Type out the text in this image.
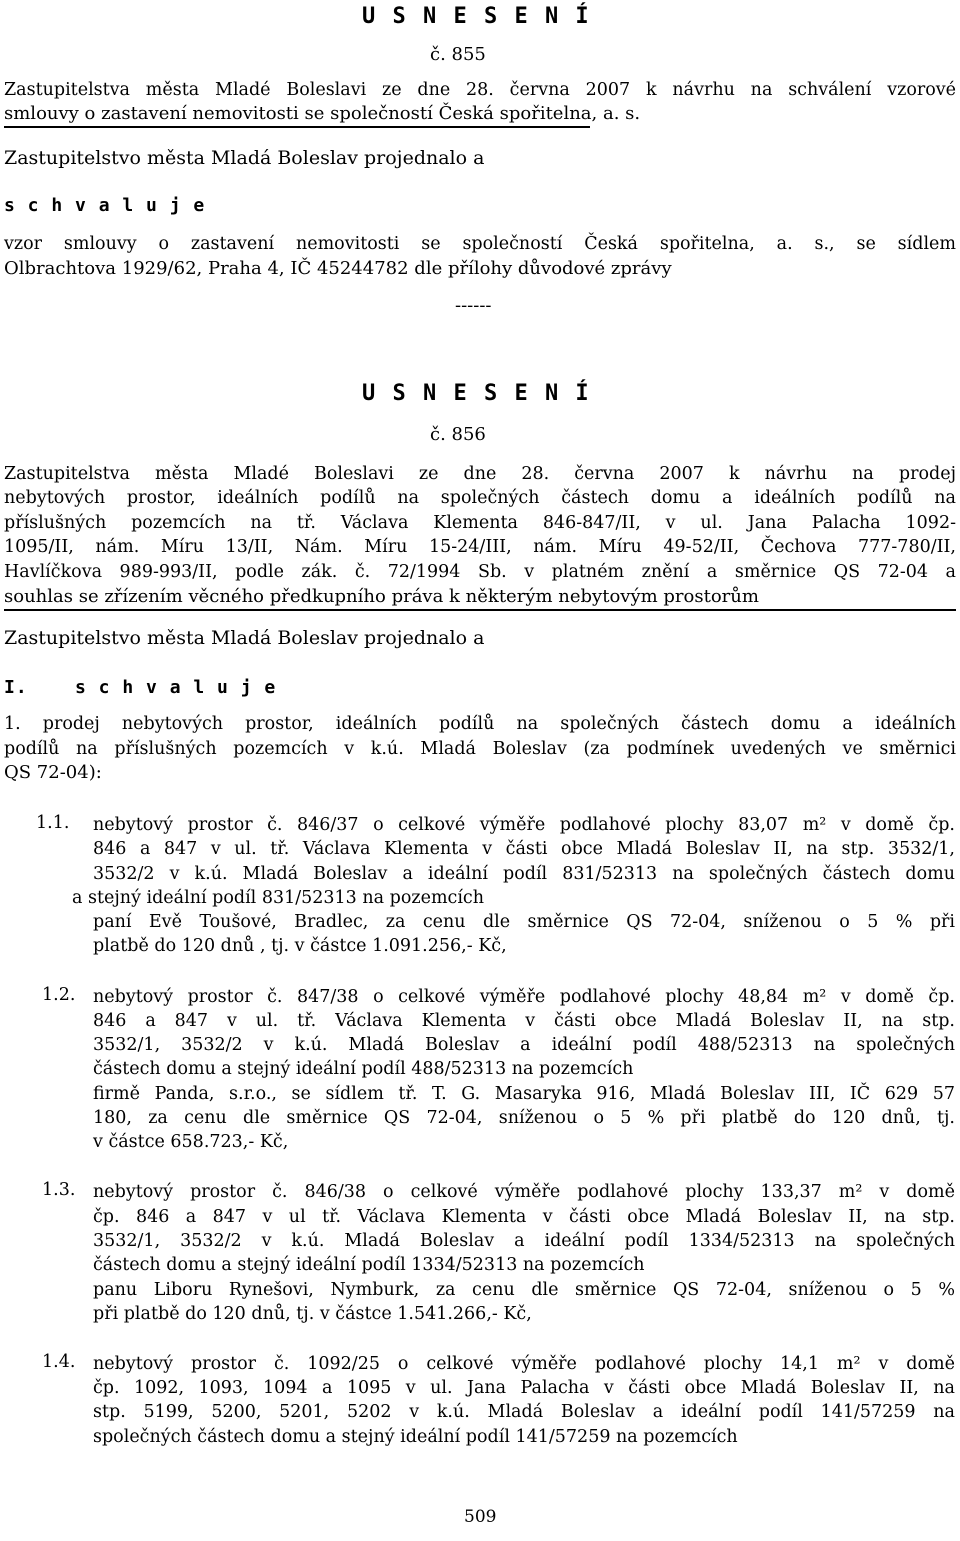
U S N E S E N Í
č. 855
Zastupitelstva města Mladé Boleslavi ze dne 28. června 2007 k návrhu na schválení vzorové
smlouvy o zastavení nemovitosti se společností Česká spořitelna, a. s.
Zastupitelstvo města Mladá Boleslav projednalo a
s c h v a l u j e
vzor smlouvy o zastavení nemovitosti se společností Česká spořitelna, a. s., se sídlem
Olbrachtova 1929/62, Praha 4, IČ 45244782 dle přílohy důvodové zprávy
------
U S N E S E N Í
č. 856
Zastupitelstva města Mladé Boleslavi ze dne 28. června 2007 k návrhu na prodej
nebytových prostor, ideálních podílů na společných částech domu a ideálních podílů na
příslušných pozemcích na tř. Václava Klementa 846-847/II, v ul. Jana Palacha 1092-
1095/II, nám. Míru 13/II, Nám. Míru 15-24/III, nám. Míru 49-52/II, Čechova 777-780/II,
Havlíčkova 989-993/II, podle zák. č. 72/1994 Sb. v platném znění a směrnice QS 72-04 a
souhlas se zřízením věcného předkupního práva k některým nebytovým prostorům
Zastupitelstvo města Mladá Boleslav projednalo a
I.	s c h v a l u j e
1. prodej nebytových prostor, ideálních podílů na společných částech domu a ideálních
podílů na příslušných pozemcích v k.ú. Mladá Boleslav (za podmínek uvedených ve směrnici
QS 72-04):
1.1. nebytový prostor č. 846/37 o celkové výměře podlahové plochy 83,07 m² v domě čp.
846 a 847 v ul. tř. Václava Klementa v části obce Mladá Boleslav II, na stp. 3532/1,
3532/2 v k.ú. Mladá Boleslav a ideální podíl 831/52313 na společných částech domu
a stejný ideální podíl 831/52313 na pozemcích
paní Evě Toušové, Bradlec, za cenu dle směrnice QS 72-04, sníženou o 5 % při
platbě do 120 dnů , tj. v částce 1.091.256,- Kč,
1.2. nebytový prostor č. 847/38 o celkové výměře podlahové plochy 48,84 m² v domě čp.
846 a 847 v ul. tř. Václava Klementa v části obce Mladá Boleslav II, na stp.
3532/1, 3532/2 v k.ú. Mladá Boleslav a ideální podíl 488/52313 na společných
částech domu a stejný ideální podíl 488/52313 na pozemcích
firmě Panda, s.r.o., se sídlem tř. T. G. Masaryka 916, Mladá Boleslav III, IČ 629 57
180, za cenu dle směrnice QS 72-04, sníženou o 5 % při platbě do 120 dnů, tj.
v částce 658.723,- Kč,
1.3. nebytový prostor č. 846/38 o celkové výměře podlahové plochy 133,37 m² v domě
čp. 846 a 847 v ul tř. Václava Klementa v části obce Mladá Boleslav II, na stp.
3532/1, 3532/2 v k.ú. Mladá Boleslav a ideální podíl 1334/52313 na společných
částech domu a stejný ideální podíl 1334/52313 na pozemcích
panu Liboru Rynešovi, Nymburk, za cenu dle směrnice QS 72-04, sníženou o 5 %
při platbě do 120 dnů, tj. v částce 1.541.266,- Kč,
1.4. nebytový prostor č. 1092/25 o celkové výměře podlahové plochy 14,1 m² v domě
čp. 1092, 1093, 1094 a 1095 v ul. Jana Palacha v části obce Mladá Boleslav II, na
stp. 5199, 5200, 5201, 5202 v k.ú. Mladá Boleslav a ideální podíl 141/57259 na
společných částech domu a stejný ideální podíl 141/57259 na pozemcích
509
